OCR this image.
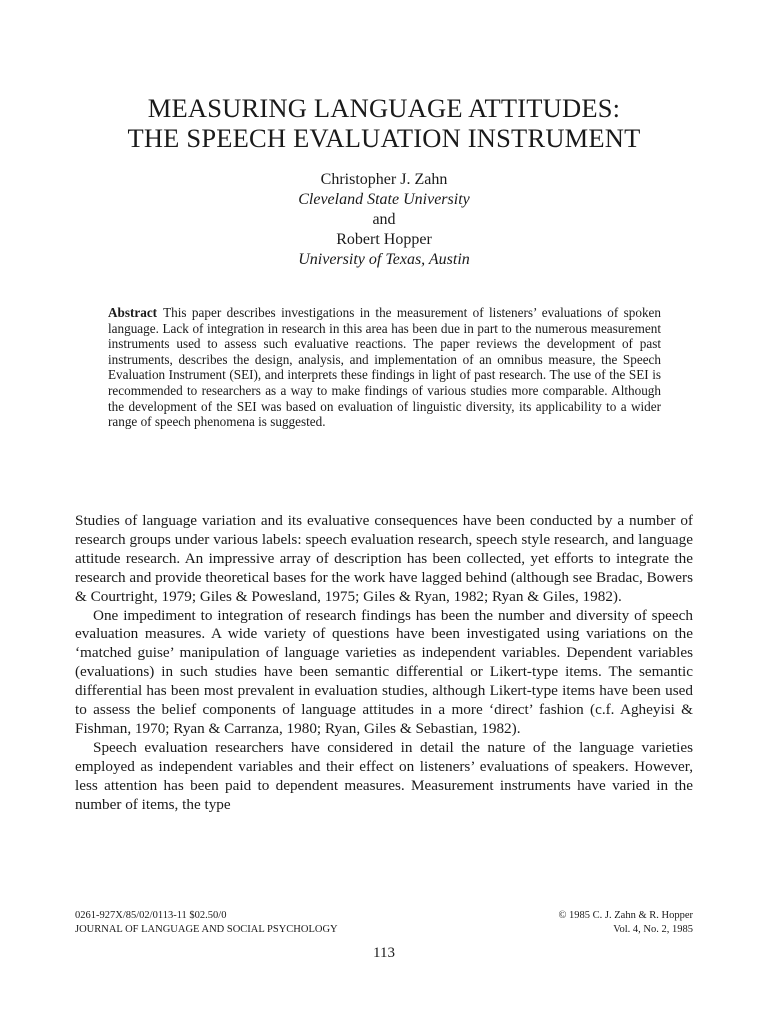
MEASURING LANGUAGE ATTITUDES:
THE SPEECH EVALUATION INSTRUMENT
Christopher J. Zahn
Cleveland State University
and
Robert Hopper
University of Texas, Austin
Abstract This paper describes investigations in the measurement of listeners’ evaluations of spoken language. Lack of integration in research in this area has been due in part to the numerous measurement instruments used to assess such evaluative reactions. The paper reviews the development of past instruments, describes the design, analysis, and implementation of an omnibus measure, the Speech Evaluation Instrument (SEI), and interprets these findings in light of past research. The use of the SEI is recommended to researchers as a way to make findings of various studies more comparable. Although the development of the SEI was based on evaluation of linguistic diversity, its applicability to a wider range of speech phenomena is suggested.

Studies of language variation and its evaluative consequences have been conducted by a number of research groups under various labels: speech evaluation research, speech style research, and language attitude research. An impressive array of description has been collected, yet efforts to integrate the research and provide theoretical bases for the work have lagged behind (although see Bradac, Bowers & Courtright, 1979; Giles & Powesland, 1975; Giles & Ryan, 1982; Ryan & Giles, 1982).

One impediment to integration of research findings has been the number and diversity of speech evaluation measures. A wide variety of questions have been investigated using variations on the ‘matched guise’ manipulation of language varieties as independent variables. Dependent variables (evaluations) in such studies have been semantic differential or Likert-type items. The semantic differential has been most prevalent in evaluation studies, although Likert-type items have been used to assess the belief components of language attitudes in a more ‘direct’ fashion (c.f. Agheyisi & Fishman, 1970; Ryan & Carranza, 1980; Ryan, Giles & Sebastian, 1982).

Speech evaluation researchers have considered in detail the nature of the language varieties employed as independent variables and their effect on listeners’ evaluations of speakers. However, less attention has been paid to dependent measures. Measurement instruments have varied in the number of items, the type

0261-927X/85/02/0113-11 $02.50/0
JOURNAL OF LANGUAGE AND SOCIAL PSYCHOLOGY
© 1985 C. J. Zahn & R. Hopper
Vol. 4, No. 2, 1985
113
